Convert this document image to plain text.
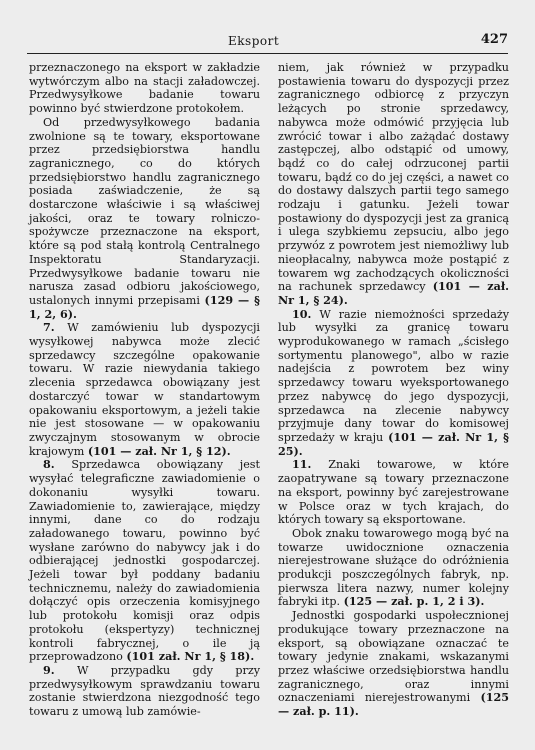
Eksport	427

przeznaczonego na eksport w zakładzie wytwórczym albo na stacji załadowczej. Przedwysyłkowe badanie towaru powinno być stwierdzone protokołem.

Od przedwysyłkowego badania zwolnione są te towary, eksportowane przez przedsiębiorstwa handlu zagranicznego, co do których przedsiębiorstwo handlu zagranicznego posiada zaświadczenie, że są dostarczone właściwie i są właściwej jakości, oraz te towary rolniczo-spożywcze przeznaczone na eksport, które są pod stałą kontrolą Centralnego Inspektoratu Standaryzacji. Przedwysyłkowe badanie towaru nie narusza zasad odbioru jakościowego, ustalonych innymi przepisami (129 — § 1, 2, 6).

7. W zamówieniu lub dyspozycji wysyłkowej nabywca może zlecić sprzedawcy szczególne opakowanie towaru. W razie niewydania takiego zlecenia sprzedawca obowiązany jest dostarczyć towar w standartowym opakowaniu eksportowym, a jeżeli takie nie jest stosowane — w opakowaniu zwyczajnym stosowanym w obrocie krajowym (101 — zał. Nr 1, § 12).

8. Sprzedawca obowiązany jest wysyłać telegraficzne zawiadomienie o dokonaniu wysyłki towaru. Zawiadomienie to, zawierające, między innymi, dane co do rodzaju załadowanego towaru, powinno być wysłane zarówno do nabywcy jak i do odbierającej jednostki gospodarczej. Jeżeli towar był poddany badaniu technicznemu, należy do zawiadomienia dołączyć opis orzeczenia komisyjnego lub protokołu komisji oraz odpis protokołu (ekspertyzy) technicznej kontroli fabrycznej, o ile ją przeprowadzono (101 zał. Nr 1, § 18).

9. W przypadku gdy przy przedwysyłkowym sprawdzaniu towaru zostanie stwierdzona niezgodność tego towaru z umową lub zamówie-

niem, jak również w przypadku postawienia towaru do dyspozycji przez zagranicznego odbiorcę z przyczyn leżących po stronie sprzedawcy, nabywca może odmówić przyjęcia lub zwrócić towar i albo zażądać dostawy zastępczej, albo odstąpić od umowy, bądź co do całej odrzuconej partii towaru, bądź co do jej części, a nawet co do dostawy dalszych partii tego samego rodzaju i gatunku. Jeżeli towar postawiony do dyspozycji jest za granicą i ulega szybkiemu zepsuciu, albo jego przywóz z powrotem jest niemożliwy lub nieopłacalny, nabywca może postąpić z towarem wg zachodzących okoliczności na rachunek sprzedawcy (101 — zał. Nr 1, § 24).

10. W razie niemożności sprzedaży lub wysyłki za granicę towaru wyprodukowanego w ramach „ścisłego sortymentu planowego", albo w razie nadejścia z powrotem bez winy sprzedawcy towaru wyeksportowanego przez nabywcę do jego dyspozycji, sprzedawca na zlecenie nabywcy przyjmuje dany towar do komisowej sprzedaży w kraju (101 — zał. Nr 1, § 25).

11. Znaki towarowe, w które zaopatrywane są towary przeznaczone na eksport, powinny być zarejestrowane w Polsce oraz w tych krajach, do których towary są eksportowane.

Obok znaku towarowego mogą być na towarze uwidocznione oznaczenia nierejestrowane służące do odróżnienia produkcji poszczególnych fabryk, np. pierwsza litera nazwy, numer kolejny fabryki itp. (125 — zał. p. 1, 2 i 3).

Jednostki gospodarki uspołecznionej produkujące towary przeznaczone na eksport, są obowiązane oznaczać te towary jedynie znakami, wskazanymi przez właściwe orzedsiębiorstwa handlu zagranicznego, oraz innymi oznaczeniami nierejestrowanymi (125 — zał. p. 11).
